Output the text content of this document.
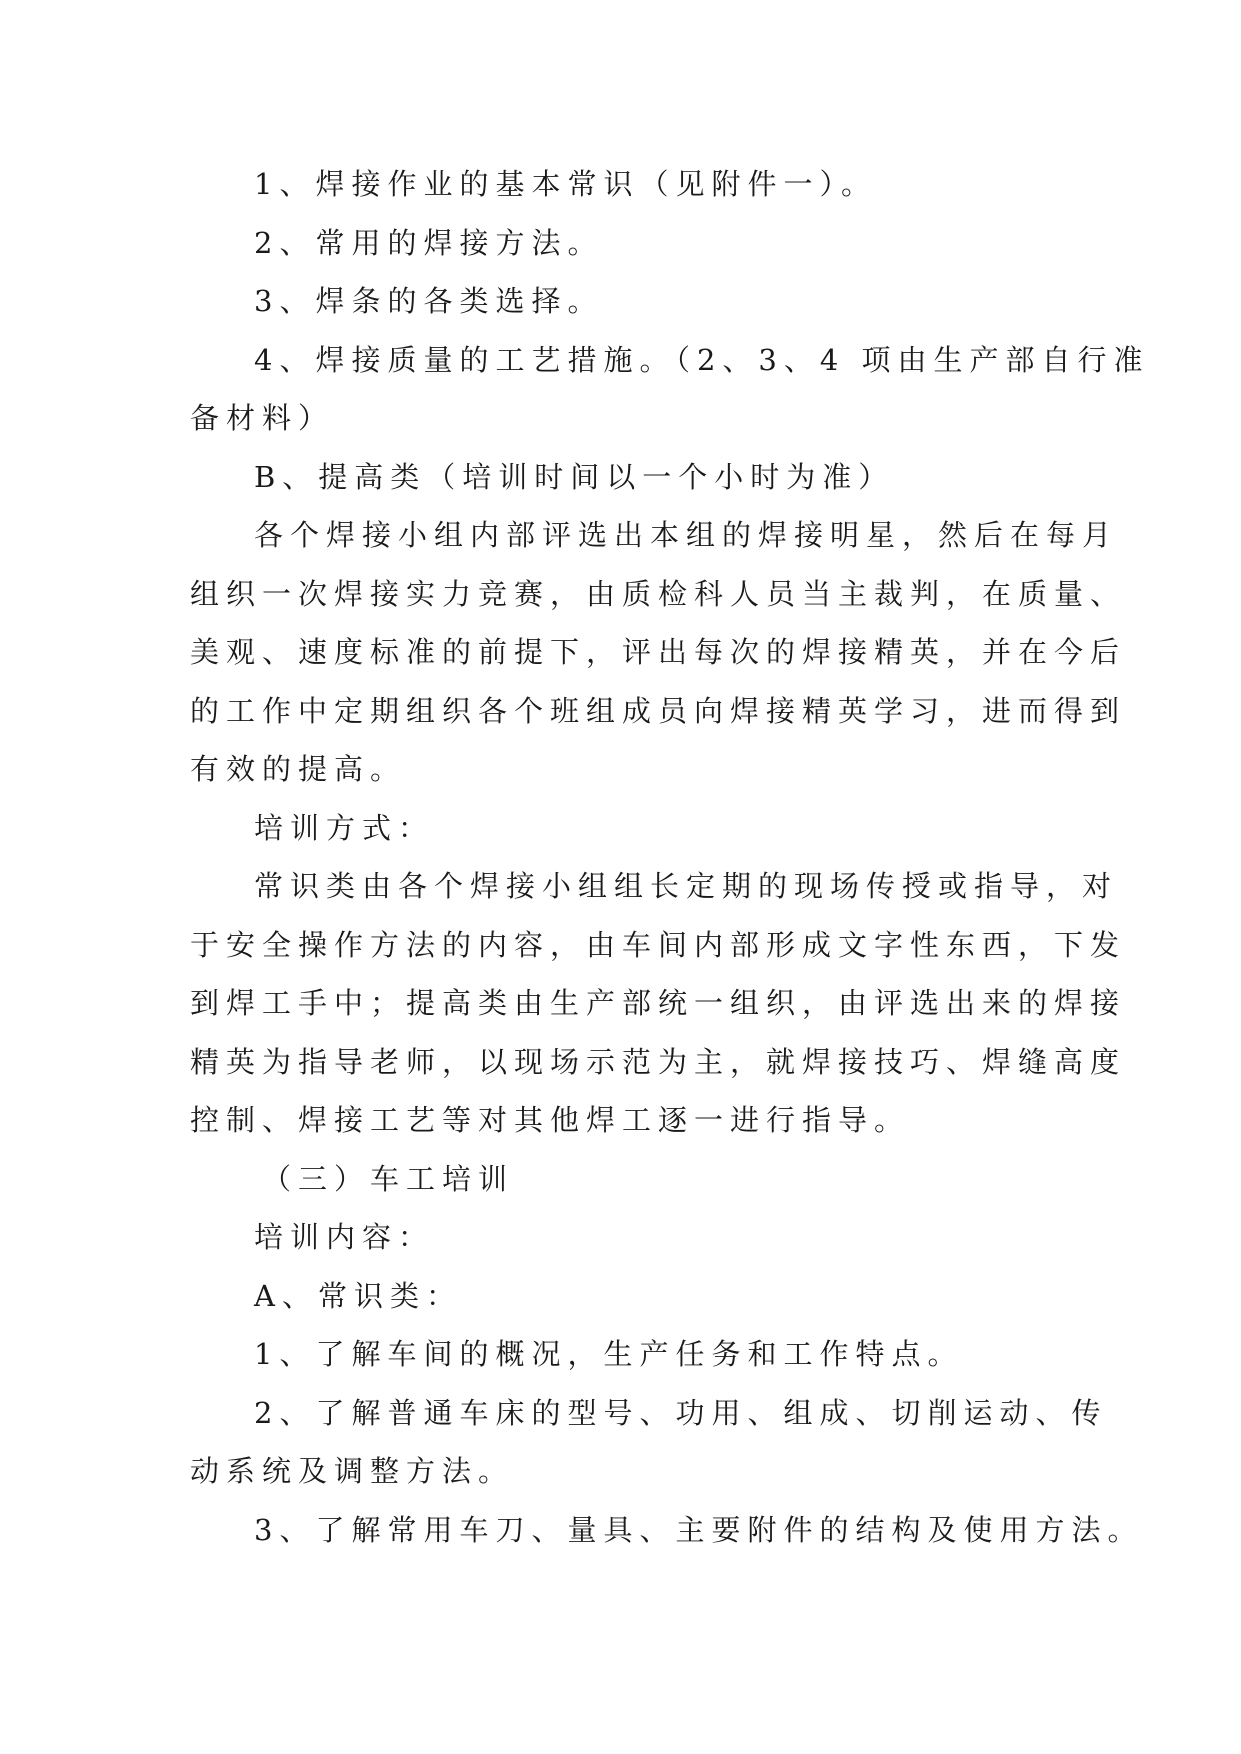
1、焊接作业的基本常识（见附件一）。
2、常用的焊接方法。
3、焊条的各类选择。
4、焊接质量的工艺措施。（2、3、4 项由生产部自行准
备材料）
B、提高类（培训时间以一个小时为准）
各个焊接小组内部评选出本组的焊接明星，然后在每月
组织一次焊接实力竞赛，由质检科人员当主裁判，在质量、
美观、速度标准的前提下，评出每次的焊接精英，并在今后
的工作中定期组织各个班组成员向焊接精英学习，进而得到
有效的提高。
培训方式：
常识类由各个焊接小组组长定期的现场传授或指导，对
于安全操作方法的内容，由车间内部形成文字性东西，下发
到焊工手中；提高类由生产部统一组织，由评选出来的焊接
精英为指导老师，以现场示范为主，就焊接技巧、焊缝高度
控制、焊接工艺等对其他焊工逐一进行指导。
（三）车工培训
培训内容：
A、常识类：
1、了解车间的概况，生产任务和工作特点。
2、了解普通车床的型号、功用、组成、切削运动、传
动系统及调整方法。
3、了解常用车刀、量具、主要附件的结构及使用方法。
